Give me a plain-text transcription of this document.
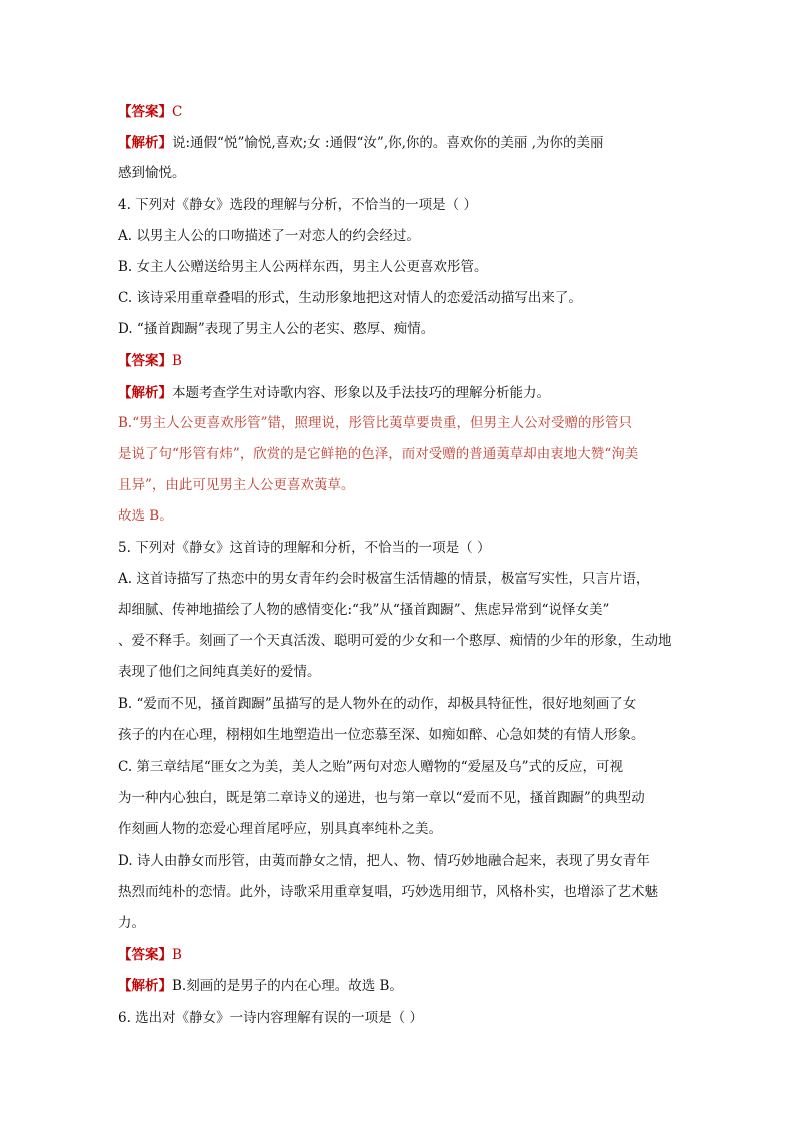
【答案】C
【解析】说:通假“悦”愉悦,喜欢;女 :通假“汝”,你,你的。喜欢你的美丽 ,为你的美丽
感到愉悦。
4. 下列对《静女》选段的理解与分析，不恰当的一项是（ ）
A. 以男主人公的口吻描述了一对恋人的约会经过。
B. 女主人公赠送给男主人公两样东西，男主人公更喜欢彤管。
C. 该诗采用重章叠唱的形式，生动形象地把这对情人的恋爱活动描写出来了。
D. “搔首踟蹰”表现了男主人公的老实、憨厚、痴情。
【答案】B
【解析】本题考查学生对诗歌内容、形象以及手法技巧的理解分析能力。
B.“男主人公更喜欢彤管”错，照理说，彤管比荑草要贵重，但男主人公对受赠的彤管只
是说了句“彤管有炜”，欣赏的是它鲜艳的色泽，而对受赠的普通荑草却由衷地大赞“洵美
且异”，由此可见男主人公更喜欢荑草。
故选 B。
5. 下列对《静女》这首诗的理解和分析，不恰当的一项是（ ）
A. 这首诗描写了热恋中的男女青年约会时极富生活情趣的情景，极富写实性，只言片语，
却细腻、传神地描绘了人物的感情变化:“我”从“搔首踟蹰”、焦虑异常到“说怿女美”
、爱不释手。刻画了一个天真活泼、聪明可爱的少女和一个憨厚、痴情的少年的形象，生动地
表现了他们之间纯真美好的爱情。
B. “爱而不见，搔首踟蹰”虽描写的是人物外在的动作，却极具特征性，很好地刻画了女
孩子的内在心理，栩栩如生地塑造出一位恋慕至深、如痴如醉、心急如焚的有情人形象。
C. 第三章结尾“匪女之为美，美人之贻”两句对恋人赠物的“爱屋及乌”式的反应，可视
为一种内心独白，既是第二章诗义的递进，也与第一章以“爱而不见，搔首踟蹰”的典型动
作刻画人物的恋爱心理首尾呼应，别具真率纯朴之美。
D. 诗人由静女而彤管，由荑而静女之情，把人、物、情巧妙地融合起来，表现了男女青年
热烈而纯朴的恋情。此外，诗歌采用重章复唱，巧妙选用细节，风格朴实，也增添了艺术魅
力。
【答案】B
【解析】B.刻画的是男子的内在心理。故选 B。
6. 选出对《静女》一诗内容理解有误的一项是（ ）
